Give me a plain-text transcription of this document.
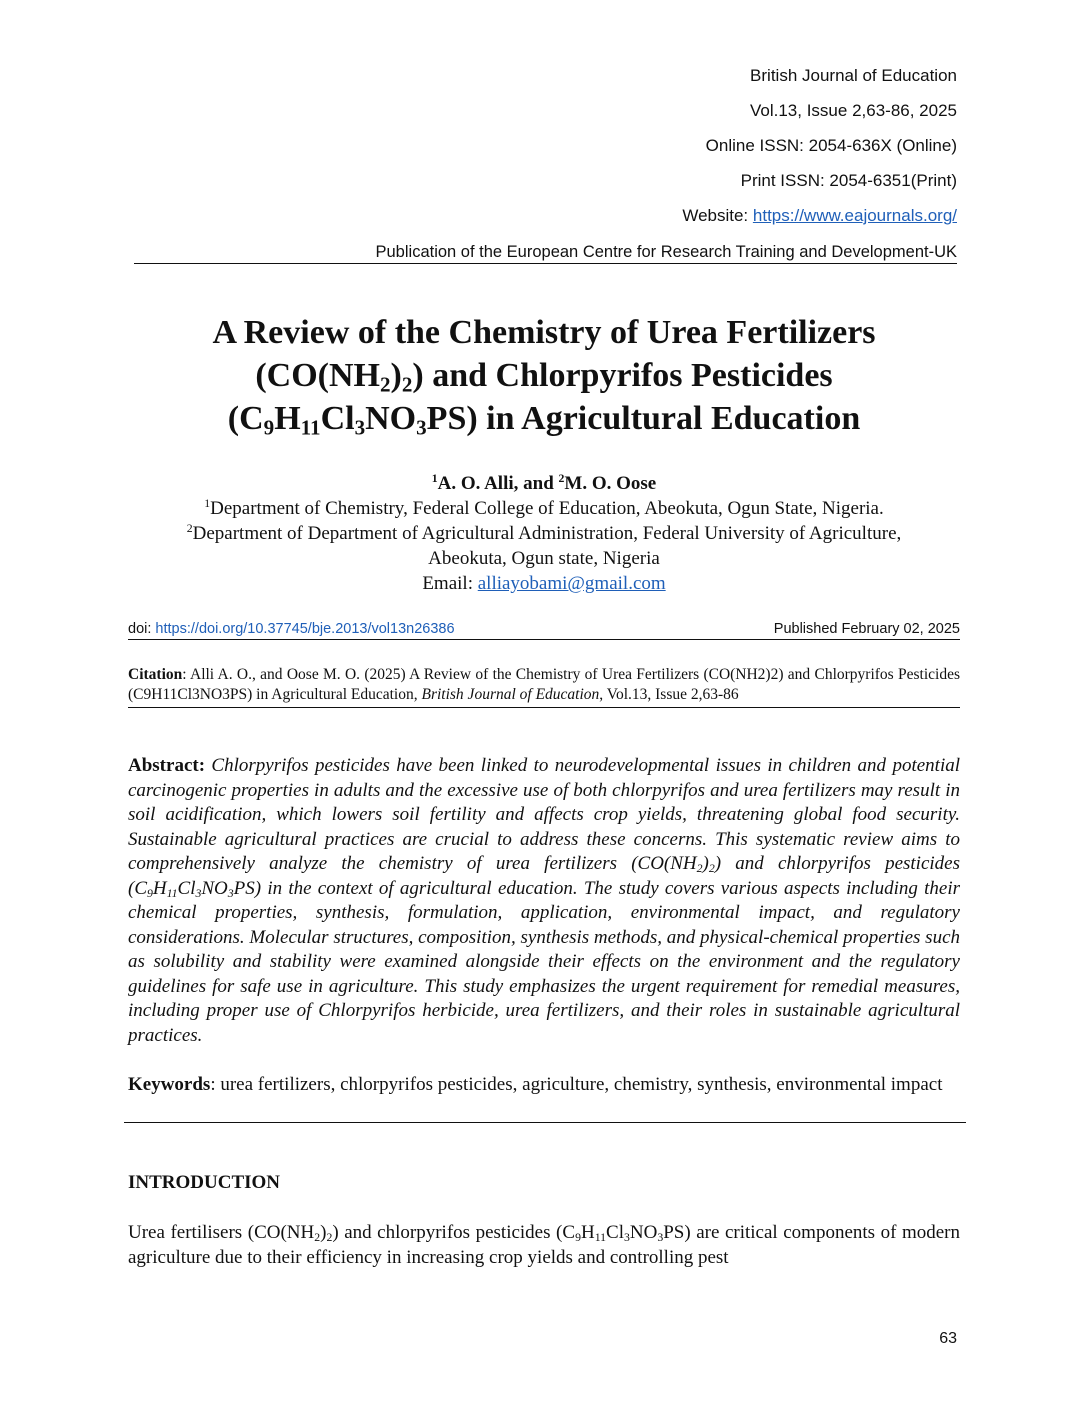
British Journal of Education
Vol.13, Issue 2,63-86, 2025
Online ISSN: 2054-636X (Online)
Print ISSN: 2054-6351(Print)
Website: https://www.eajournals.org/
Publication of the European Centre for Research Training and Development-UK
A Review of the Chemistry of Urea Fertilizers
$(CO(NH_2)_2)$ and Chlorpyrifos Pesticides
$(C_9H_{11}Cl_3NO_3PS)$ in Agricultural Education
$^1$A. O. Alli, and $^2$M. O. Oose
$^1$Department of Chemistry, Federal College of Education, Abeokuta, Ogun State, Nigeria.
$^2$Department of Department of Agricultural Administration, Federal University of Agriculture,
Abeokuta, Ogun state, Nigeria
Email: alliayobami@gmail.com
doi: https://doi.org/10.37745/bje.2013/vol13n26386	Published February 02, 2025
Citation: Alli A. O., and Oose M. O. (2025) A Review of the Chemistry of Urea Fertilizers (CO(NH2)2) and Chlorpyrifos Pesticides (C9H11Cl3NO3PS) in Agricultural Education, British Journal of Education, Vol.13, Issue 2,63-86
Abstract: Chlorpyrifos pesticides have been linked to neurodevelopmental issues in children and potential carcinogenic properties in adults and the excessive use of both chlorpyrifos and urea fertilizers may result in soil acidification, which lowers soil fertility and affects crop yields, threatening global food security. Sustainable agricultural practices are crucial to address these concerns. This systematic review aims to comprehensively analyze the chemistry of urea fertilizers $(CO(NH_2)_2)$ and chlorpyrifos pesticides $(C_9H_{11}Cl_3NO_3PS)$ in the context of agricultural education. The study covers various aspects including their chemical properties, synthesis, formulation, application, environmental impact, and regulatory considerations. Molecular structures, composition, synthesis methods, and physical-chemical properties such as solubility and stability were examined alongside their effects on the environment and the regulatory guidelines for safe use in agriculture. This study emphasizes the urgent requirement for remedial measures, including proper use of Chlorpyrifos herbicide, urea fertilizers, and their roles in sustainable agricultural practices.
Keywords: urea fertilizers, chlorpyrifos pesticides, agriculture, chemistry, synthesis, environmental impact
INTRODUCTION
Urea fertilisers $(CO(NH_2)_2)$ and chlorpyrifos pesticides $(C_9H_{11}Cl_3NO_3PS)$ are critical components of modern agriculture due to their efficiency in increasing crop yields and controlling pest
63
